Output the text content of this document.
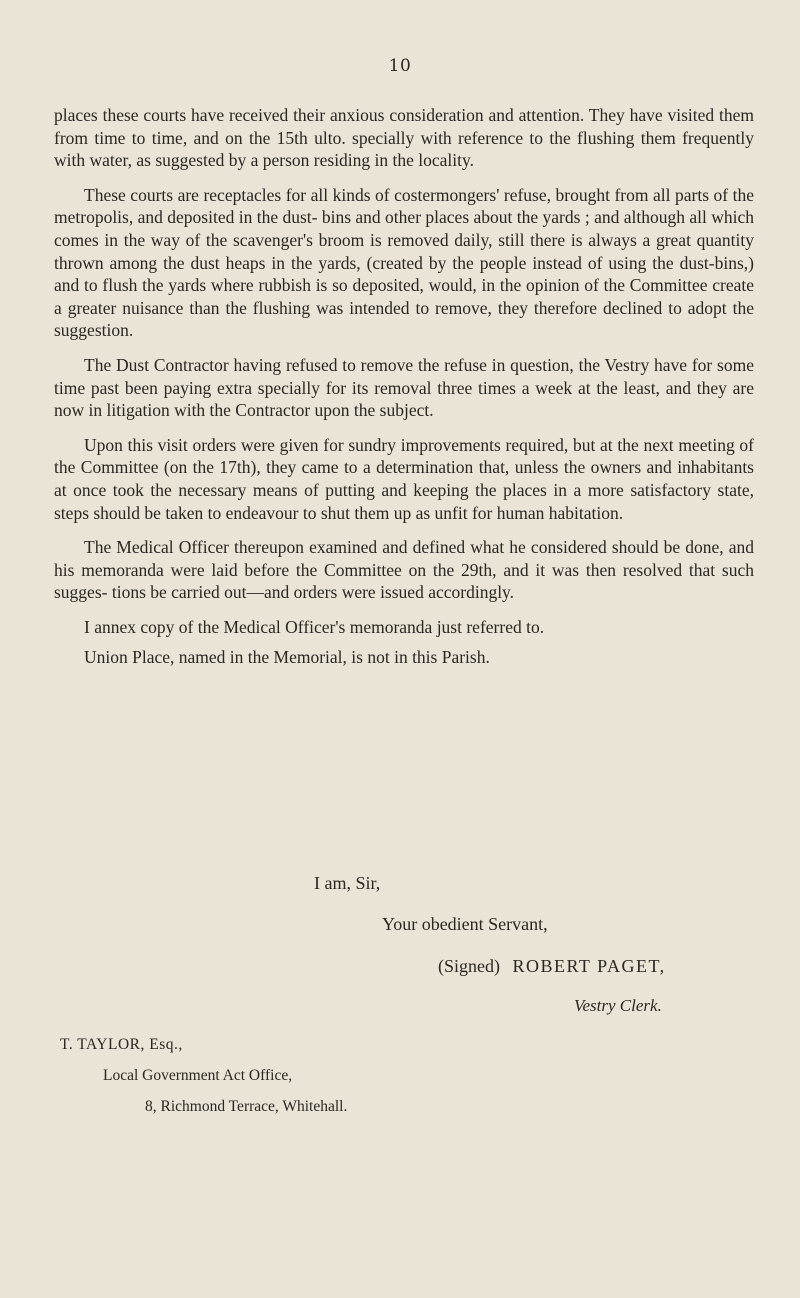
10

places these courts have received their anxious consideration and attention. They have visited them from time to time, and on the 15th ulto. specially with reference to the flushing them frequently with water, as suggested by a person residing in the locality.

These courts are receptacles for all kinds of costermongers' refuse, brought from all parts of the metropolis, and deposited in the dust- bins and other places about the yards ; and although all which comes in the way of the scavenger's broom is removed daily, still there is always a great quantity thrown among the dust heaps in the yards, (created by the people instead of using the dust-bins,) and to flush the yards where rubbish is so deposited, would, in the opinion of the Committee create a greater nuisance than the flushing was intended to remove, they therefore declined to adopt the suggestion.

The Dust Contractor having refused to remove the refuse in question, the Vestry have for some time past been paying extra specially for its removal three times a week at the least, and they are now in litigation with the Contractor upon the subject.

Upon this visit orders were given for sundry improvements required, but at the next meeting of the Committee (on the 17th), they came to a determination that, unless the owners and inhabitants at once took the necessary means of putting and keeping the places in a more satisfactory state, steps should be taken to endeavour to shut them up as unfit for human habitation.

The Medical Officer thereupon examined and defined what he considered should be done, and his memoranda were laid before the Committee on the 29th, and it was then resolved that such sugges- tions be carried out—and orders were issued accordingly.

I annex copy of the Medical Officer's memoranda just referred to.

Union Place, named in the Memorial, is not in this Parish.

I am, Sir,
Your obedient Servant,
(Signed) ROBERT PAGET,
Vestry Clerk.
T. TAYLOR, Esq.,
Local Government Act Office,
8, Richmond Terrace, Whitehall.
